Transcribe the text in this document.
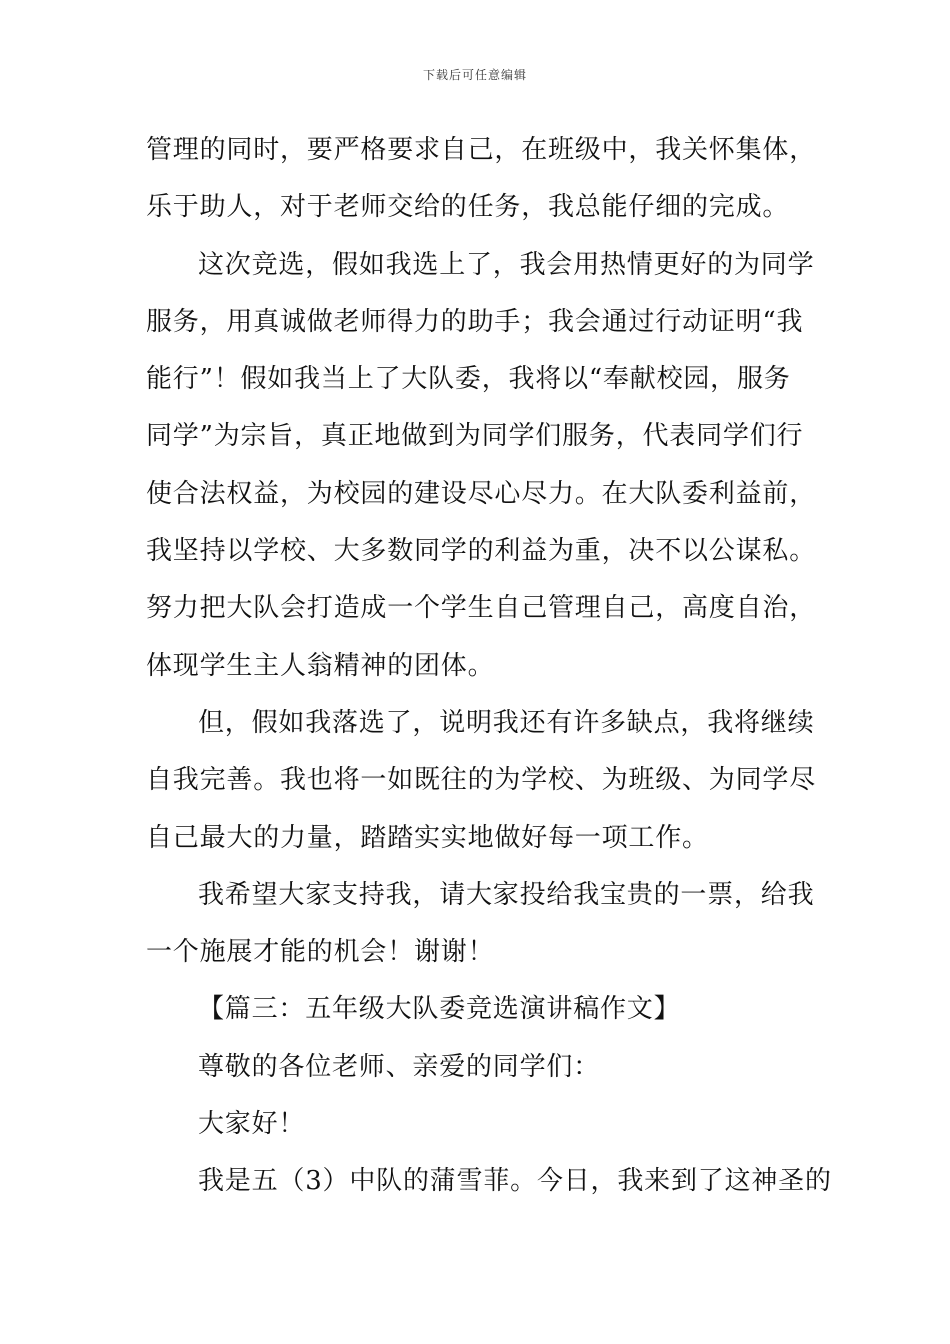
下载后可任意编辑
管理的同时，要严格要求自己，在班级中，我关怀集体，
乐于助人，对于老师交给的任务，我总能仔细的完成。
这次竞选，假如我选上了，我会用热情更好的为同学
服务，用真诚做老师得力的助手；我会通过行动证明“我
能行”！假如我当上了大队委，我将以“奉献校园，服务
同学”为宗旨，真正地做到为同学们服务，代表同学们行
使合法权益，为校园的建设尽心尽力。在大队委利益前，
我坚持以学校、大多数同学的利益为重，决不以公谋私。
努力把大队会打造成一个学生自己管理自己，高度自治，
体现学生主人翁精神的团体。
但，假如我落选了，说明我还有许多缺点，我将继续
自我完善。我也将一如既往的为学校、为班级、为同学尽
自己最大的力量，踏踏实实地做好每一项工作。
我希望大家支持我，请大家投给我宝贵的一票，给我
一个施展才能的机会！谢谢！
【篇三：五年级大队委竞选演讲稿作文】
尊敬的各位老师、亲爱的同学们：
大家好！
我是五（3）中队的蒲雪菲。今日，我来到了这神圣的
